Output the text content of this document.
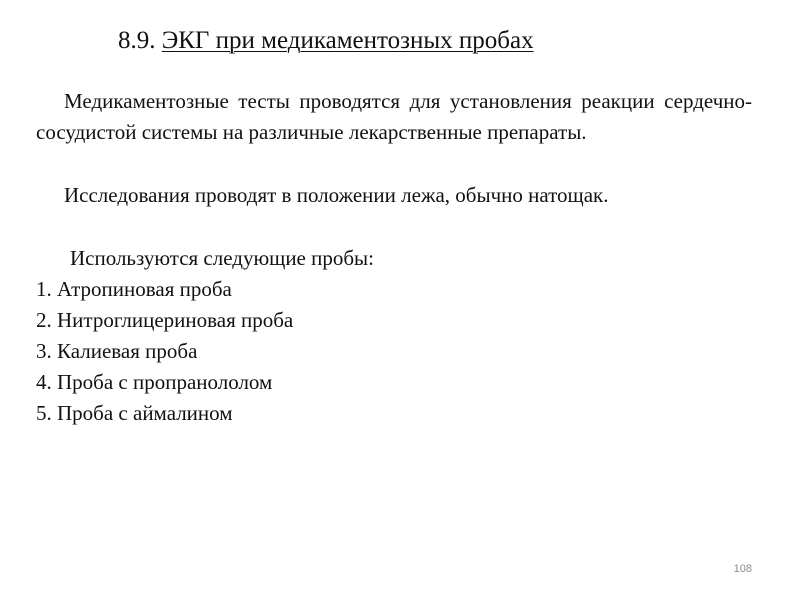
8.9. ЭКГ при медикаментозных пробах

Медикаментозные тесты проводятся для установления реакции сердечно-сосудистой системы на различные лекарственные препараты.

Исследования проводят в положении лежа, обычно натощак.

Используются следующие пробы:

1. Атропиновая проба
2. Нитроглицериновая проба
3. Калиевая проба
4. Проба с пропранололом
5. Проба с аймалином
108
